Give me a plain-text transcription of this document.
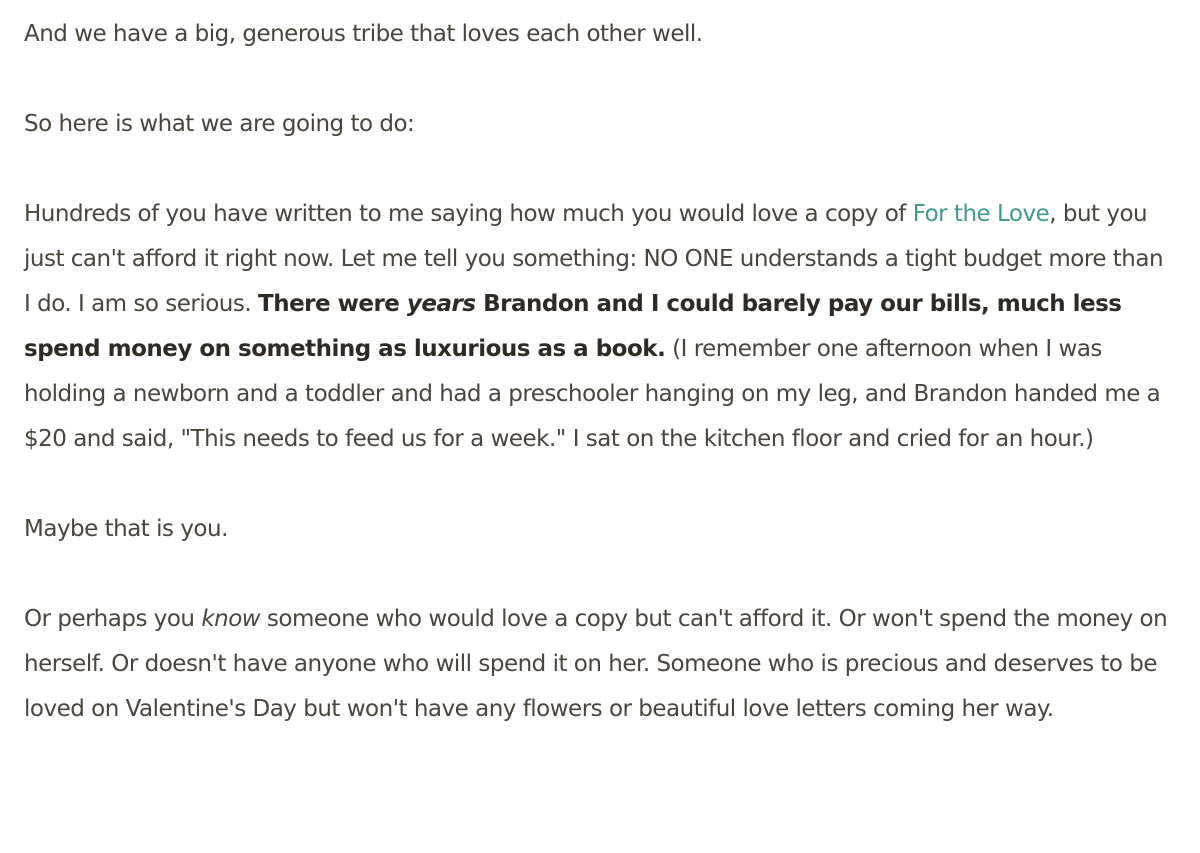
And we have a big, generous tribe that loves each other well.

So here is what we are going to do:

Hundreds of you have written to me saying how much you would love a copy of For the Love, but you just can't afford it right now. Let me tell you something: NO ONE understands a tight budget more than I do. I am so serious. There were years Brandon and I could barely pay our bills, much less spend money on something as luxurious as a book. (I remember one afternoon when I was holding a newborn and a toddler and had a preschooler hanging on my leg, and Brandon handed me a $20 and said, "This needs to feed us for a week." I sat on the kitchen floor and cried for an hour.)

Maybe that is you.

Or perhaps you know someone who would love a copy but can't afford it. Or won't spend the money on herself. Or doesn't have anyone who will spend it on her. Someone who is precious and deserves to be loved on Valentine's Day but won't have any flowers or beautiful love letters coming her way.
